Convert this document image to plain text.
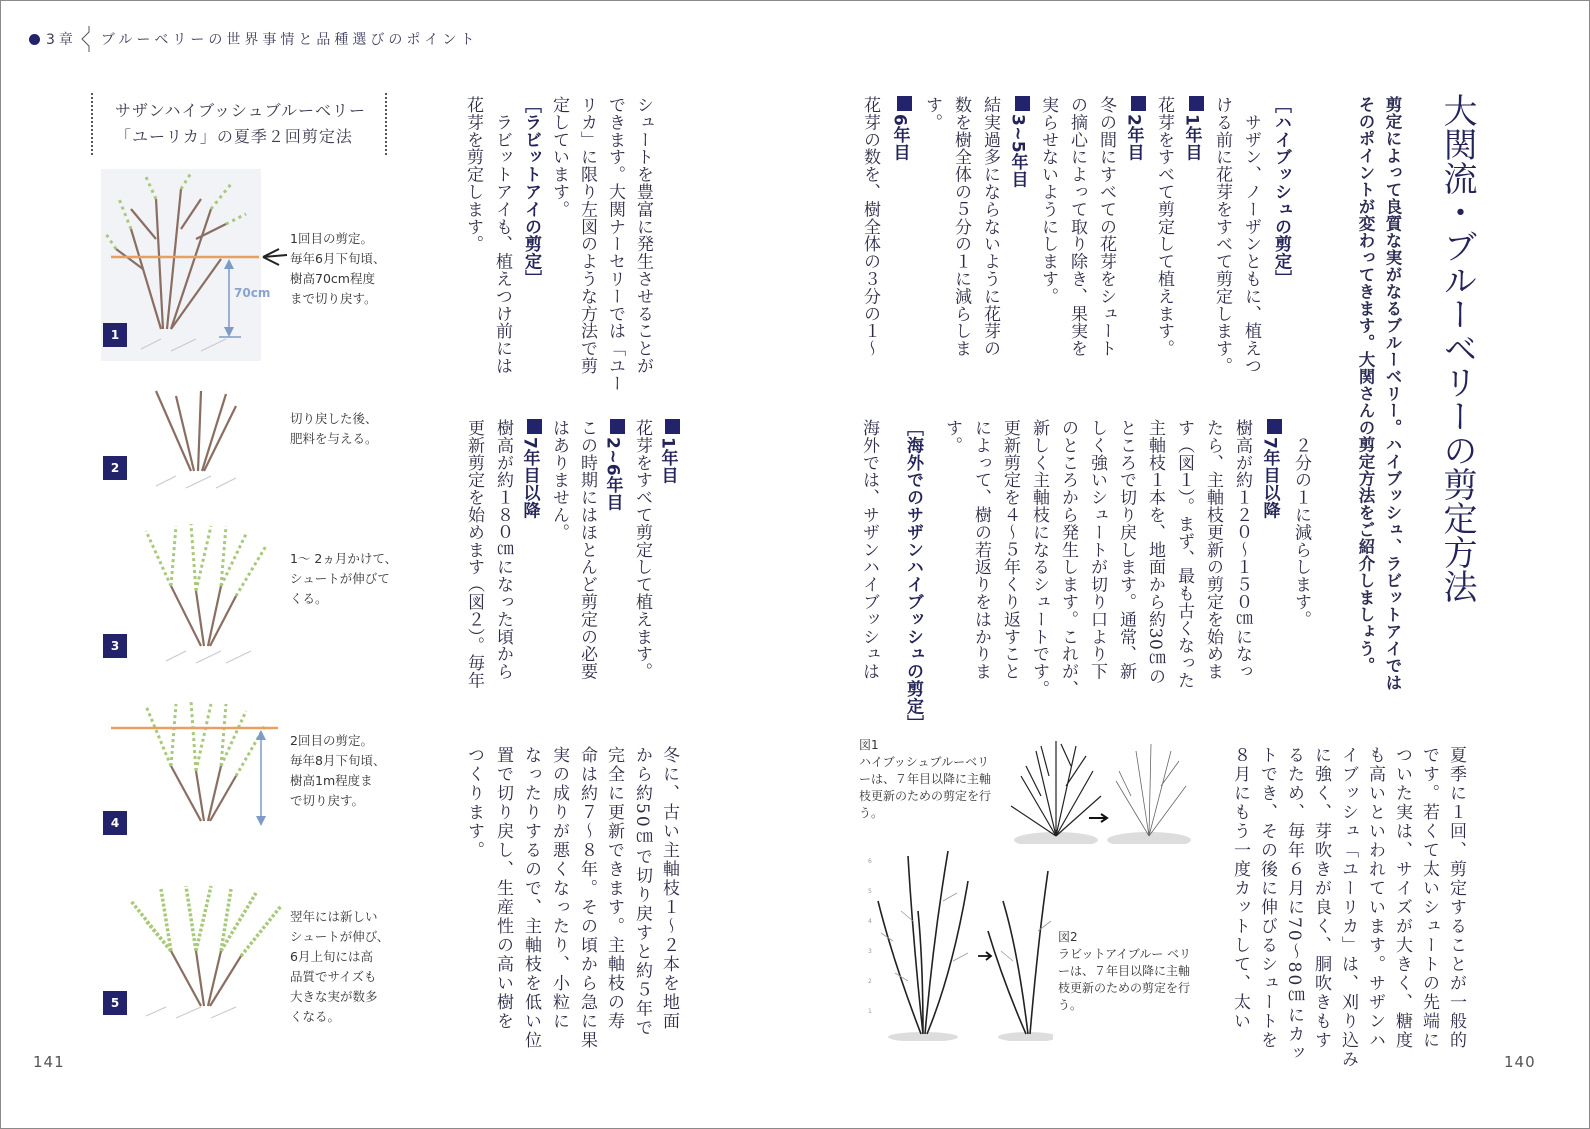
3章 ブルーベリーの世界事情と品種選びのポイント
141	140
サザンハイブッシュブルーベリー
「ユーリカ」の夏季２回剪定法
70cm
1
1回目の剪定。
毎年6月下旬頃、
樹高70cm程度
まで切り戻す。
2
切り戻した後、
肥料を与える。
3
1〜 2ヵ月かけて、
シュートが伸びて
くる。
4
2回目の剪定。
毎年8月下旬頃、
樹高1m程度ま
で切り戻す。
5
翌年には新しい
シュートが伸び、
6月上旬には高
品質でサイズも
大きな実が数多
くなる。
大関流・ブルーベリーの剪定方法
剪定によって良質な実がなるブルーベリー。ハイブッシュ、ラビットアイでは
そのポイントが変わってきます。大関さんの剪定方法をご紹介しましょう。
［ハイブッシュの剪定］
　サザン、ノーザンともに、植えつ
ける前に花芽をすべて剪定します。
1年目
花芽をすべて剪定して植えます。
2年目
冬の間にすべての花芽をシュート
の摘心によって取り除き、果実を
実らせないようにします。
3~5年目
結実過多にならないように花芽の
数を樹全体の５分の１に減らしま
す。
6年目
花芽の数を、樹全体の３分の１〜
　２分の１に減らします。
7年目以降
樹高が約１２０〜１５０㎝になっ
たら、主軸枝更新の剪定を始めま
す（図１）。まず、最も古くなった
主軸枝１本を、地面から約30㎝の
ところで切り戻します。通常、新
しく強いシュートが切り口より下
のところから発生します。これが、
新しく主軸枝になるシュートです。
更新剪定を４〜５年くり返すこと
によって、樹の若返りをはかりま
す。
［海外でのサザンハイブッシュの剪定］
海外では、サザンハイブッシュは
夏季に１回、剪定することが一般的
です。若くて太いシュートの先端に
ついた実は、サイズが大きく、糖度
も高いといわれています。サザンハ
イブッシュ「ユーリカ」は、刈り込み
に強く、芽吹きが良く、胴吹きもす
るため、毎年６月に70〜80㎝にカッ
トでき、その後に伸びるシュートを
８月にもう一度カットして、太い
シュートを豊富に発生させることが
できます。大関ナーセリーでは「ユー
リカ」に限り左図のような方法で剪
定しています。
［ラビットアイの剪定］
　ラビットアイも、植えつけ前には
花芽を剪定します。
1年目
花芽をすべて剪定して植えます。
2~6年目
この時期にはほとんど剪定の必要
はありません。
7年目以降
樹高が約１８０㎝になった頃から
更新剪定を始めます（図２）。毎年
冬に、古い主軸枝１〜２本を地面
から約50㎝で切り戻すと約５年で
完全に更新できます。主軸枝の寿
命は約７〜８年。その頃から急に果
実の成りが悪くなったり、小粒に
なったりするので、主軸枝を低い位
置で切り戻し、生産性の高い樹を
つくります。
図1
ハイブッシュブルーベリーは、７年目以降に主軸枝更新のための剪定を行う。
6
5
4
3
2
1
図2
ラビットアイブルー ベリーは、７年目以降に主軸枝更新のための剪定を行う。
